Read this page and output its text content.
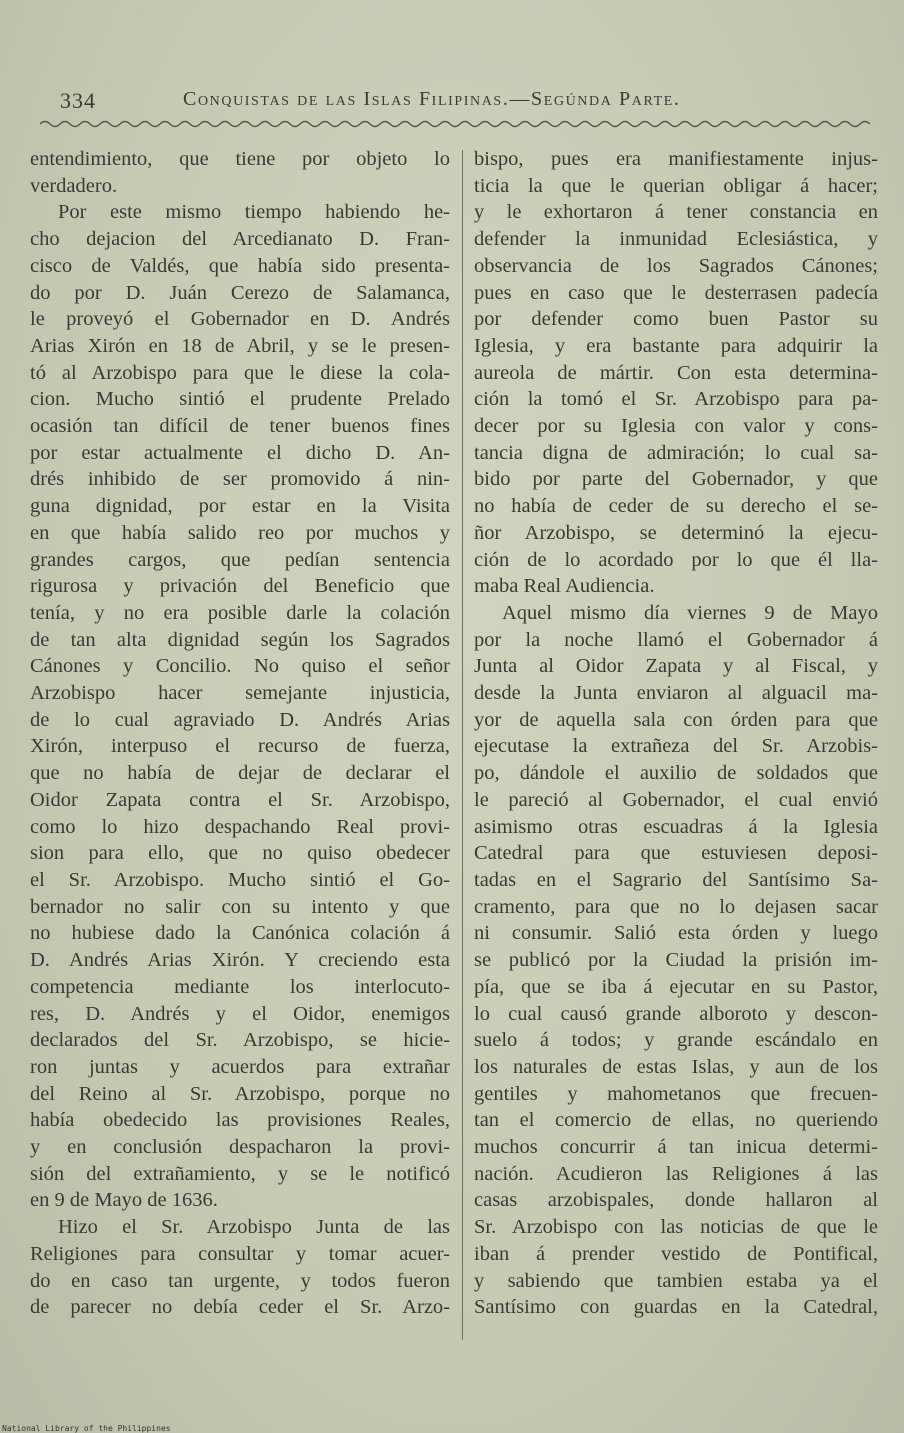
334	Conquistas de las Islas Filipinas.—Segúnda Parte.
entendimiento, que tiene por objeto lo
verdadero.
Por este mismo tiempo habiendo he-
cho dejacion del Arcedianato D. Fran-
cisco de Valdés, que había sido presenta-
do por D. Juán Cerezo de Salamanca,
le proveyó el Gobernador en D. Andrés
Arias Xirón en 18 de Abril, y se le presen-
tó al Arzobispo para que le diese la cola-
cion. Mucho sintió el prudente Prelado
ocasión tan difícil de tener buenos fines
por estar actualmente el dicho D. An-
drés inhibido de ser promovido á nin-
guna dignidad, por estar en la Visita
en que había salido reo por muchos y
grandes cargos, que pedían sentencia
rigurosa y privación del Beneficio que
tenía, y no era posible darle la colación
de tan alta dignidad según los Sagrados
Cánones y Concilio. No quiso el señor
Arzobispo hacer semejante injusticia,
de lo cual agraviado D. Andrés Arias
Xirón, interpuso el recurso de fuerza,
que no había de dejar de declarar el
Oidor Zapata contra el Sr. Arzobispo,
como lo hizo despachando Real provi-
sion para ello, que no quiso obedecer
el Sr. Arzobispo. Mucho sintió el Go-
bernador no salir con su intento y que
no hubiese dado la Canónica colación á
D. Andrés Arias Xirón. Y creciendo esta
competencia mediante los interlocuto-
res, D. Andrés y el Oidor, enemigos
declarados del Sr. Arzobispo, se hicie-
ron juntas y acuerdos para extrañar
del Reino al Sr. Arzobispo, porque no
había obedecido las provisiones Reales,
y en conclusión despacharon la provi-
sión del extrañamiento, y se le notificó
en 9 de Mayo de 1636.
Hizo el Sr. Arzobispo Junta de las
Religiones para consultar y tomar acuer-
do en caso tan urgente, y todos fueron
de parecer no debía ceder el Sr. Arzo-
bispo, pues era manifiestamente injus-
ticia la que le querian obligar á hacer;
y le exhortaron á tener constancia en
defender la inmunidad Eclesiástica, y
observancia de los Sagrados Cánones;
pues en caso que le desterrasen padecía
por defender como buen Pastor su
Iglesia, y era bastante para adquirir la
aureola de mártir. Con esta determina-
ción la tomó el Sr. Arzobispo para pa-
decer por su Iglesia con valor y cons-
tancia digna de admiración; lo cual sa-
bido por parte del Gobernador, y que
no había de ceder de su derecho el se-
ñor Arzobispo, se determinó la ejecu-
ción de lo acordado por lo que él lla-
maba Real Audiencia.
Aquel mismo día viernes 9 de Mayo
por la noche llamó el Gobernador á
Junta al Oidor Zapata y al Fiscal, y
desde la Junta enviaron al alguacil ma-
yor de aquella sala con órden para que
ejecutase la extrañeza del Sr. Arzobis-
po, dándole el auxilio de soldados que
le pareció al Gobernador, el cual envió
asimismo otras escuadras á la Iglesia
Catedral para que estuviesen deposi-
tadas en el Sagrario del Santísimo Sa-
cramento, para que no lo dejasen sacar
ni consumir. Salió esta órden y luego
se publicó por la Ciudad la prisión im-
pía, que se iba á ejecutar en su Pastor,
lo cual causó grande alboroto y descon-
suelo á todos; y grande escándalo en
los naturales de estas Islas, y aun de los
gentiles y mahometanos que frecuen-
tan el comercio de ellas, no queriendo
muchos concurrir á tan inicua determi-
nación. Acudieron las Religiones á las
casas arzobispales, donde hallaron al
Sr. Arzobispo con las noticias de que le
iban á prender vestido de Pontifical,
y sabiendo que tambien estaba ya el
Santísimo con guardas en la Catedral,
National Library of the Philippines
